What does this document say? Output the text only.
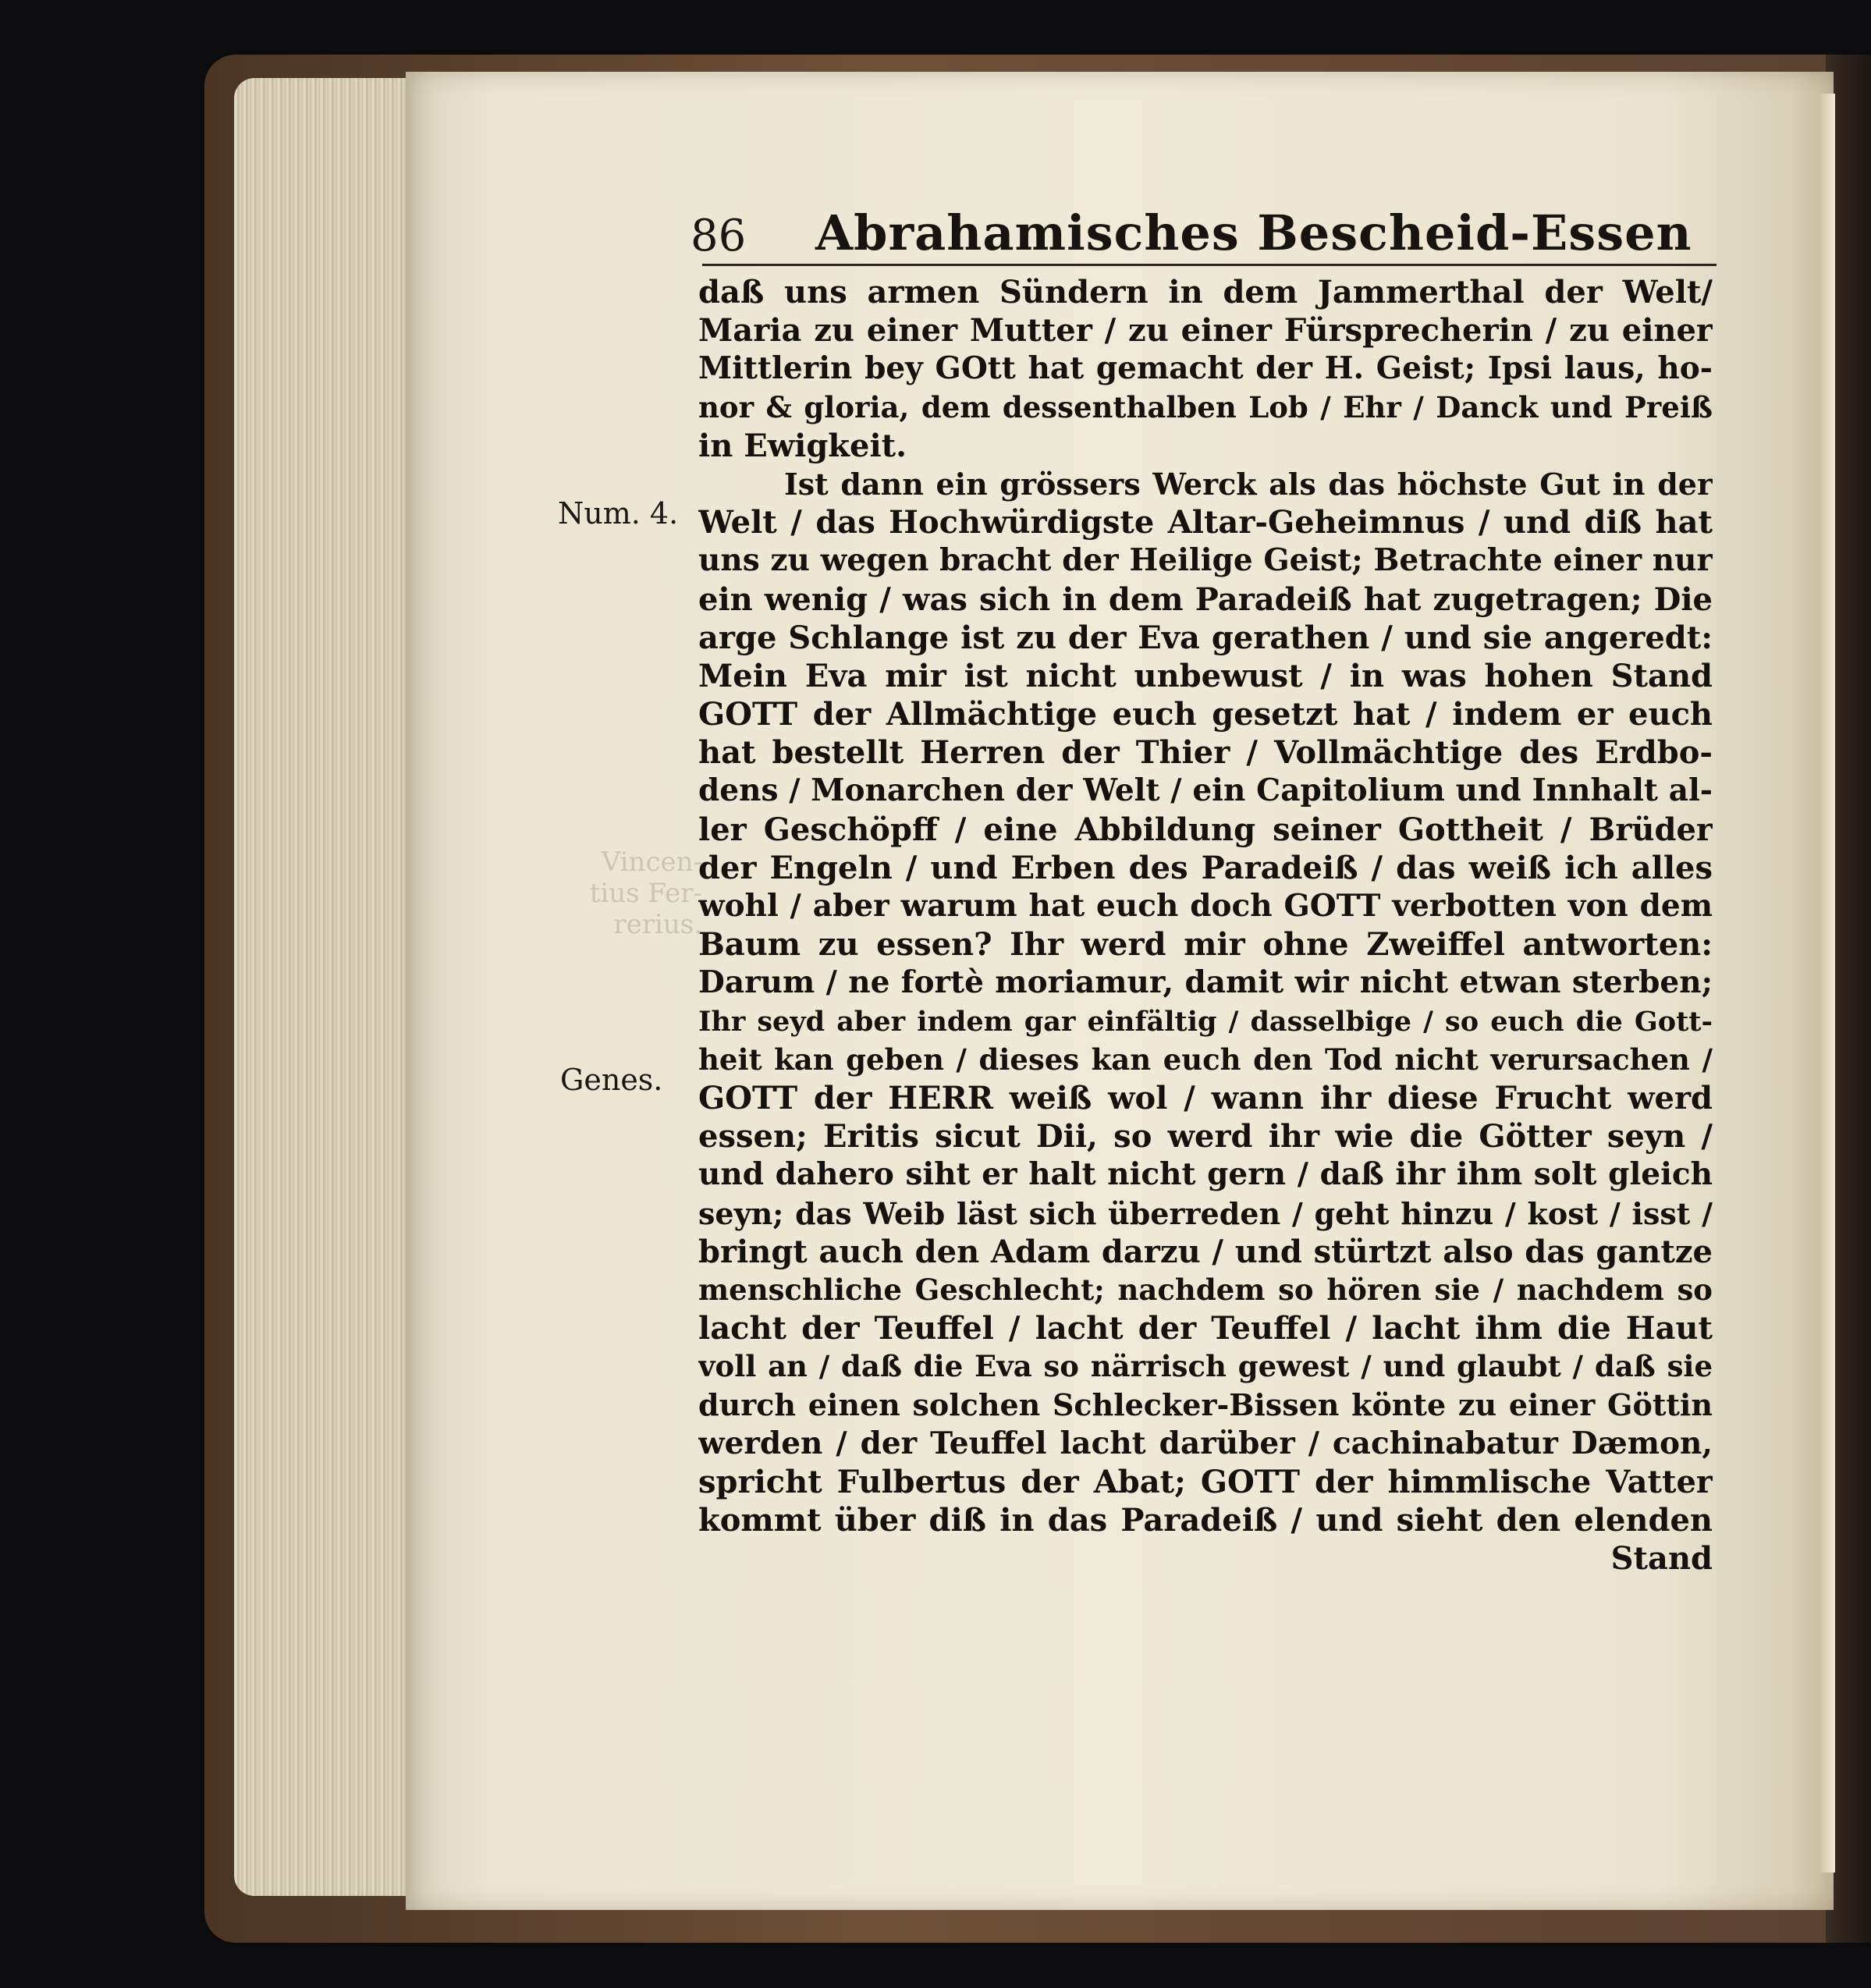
Vincen-
tius Fer-
rerius.
86	Abrahamisches Bescheid-Essen
Num. 4.
Genes.
daß uns armen Sündern in dem Jammerthal der Welt/
Maria zu einer Mutter / zu einer Fürsprecherin / zu einer
Mittlerin bey GOtt hat gemacht der H. Geist; Ipsi laus, ho-
nor & gloria, dem dessenthalben Lob / Ehr / Danck und Preiß
in Ewigkeit.
Ist dann ein grössers Werck als das höchste Gut in der
Welt / das Hochwürdigste Altar-Geheimnus / und diß hat
uns zu wegen bracht der Heilige Geist; Betrachte einer nur
ein wenig / was sich in dem Paradeiß hat zugetragen; Die
arge Schlange ist zu der Eva gerathen / und sie angeredt:
Mein Eva mir ist nicht unbewust / in was hohen Stand
GOTT der Allmächtige euch gesetzt hat / indem er euch
hat bestellt Herren der Thier / Vollmächtige des Erdbo-
dens / Monarchen der Welt / ein Capitolium und Innhalt al-
ler Geschöpff / eine Abbildung seiner Gottheit / Brüder
der Engeln / und Erben des Paradeiß / das weiß ich alles
wohl / aber warum hat euch doch GOTT verbotten von dem
Baum zu essen? Ihr werd mir ohne Zweiffel antworten:
Darum / ne fortè moriamur, damit wir nicht etwan sterben;
Ihr seyd aber indem gar einfältig / dasselbige / so euch die Gott-
heit kan geben / dieses kan euch den Tod nicht verursachen /
GOTT der HERR weiß wol / wann ihr diese Frucht werd
essen; Eritis sicut Dii, so werd ihr wie die Götter seyn /
und dahero siht er halt nicht gern / daß ihr ihm solt gleich
seyn; das Weib läst sich überreden / geht hinzu / kost / isst /
bringt auch den Adam darzu / und stürtzt also das gantze
menschliche Geschlecht; nachdem so hören sie / nachdem so
lacht der Teuffel / lacht der Teuffel / lacht ihm die Haut
voll an / daß die Eva so närrisch gewest / und glaubt / daß sie
durch einen solchen Schlecker-Bissen könte zu einer Göttin
werden / der Teuffel lacht darüber / cachinabatur Dæmon,
spricht Fulbertus der Abat; GOTT der himmlische Vatter
kommt über diß in das Paradeiß / und sieht den elenden
Stand
